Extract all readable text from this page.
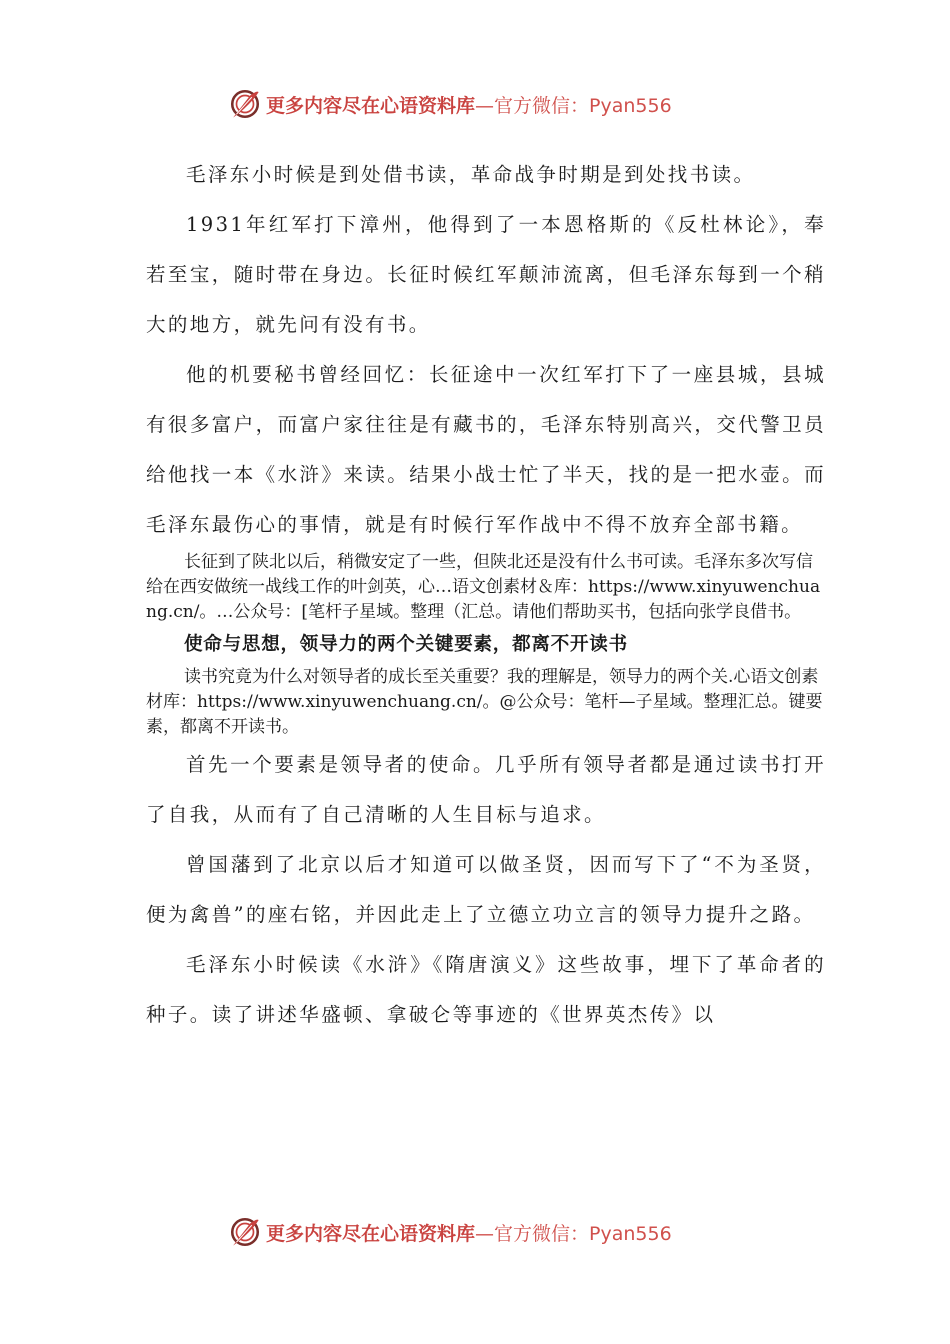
更多内容尽在心语资料库 —官方微信：Pyan556

毛泽东小时候是到处借书读，革命战争时期是到处找书读。

1931年红军打下漳州，他得到了一本恩格斯的《反杜林论》，奉若至宝，随时带在身边。长征时候红军颠沛流离，但毛泽东每到一个稍大的地方，就先问有没有书。

他的机要秘书曾经回忆：长征途中一次红军打下了一座县城，县城有很多富户，而富户家往往是有藏书的，毛泽东特别高兴，交代警卫员给他找一本《水浒》来读。结果小战士忙了半天，找的是一把水壶。而毛泽东最伤心的事情，就是有时候行军作战中不得不放弃全部书籍。

长征到了陕北以后，稍微安定了一些，但陕北还是没有什么书可读。毛泽东多次写信给在西安做统一战线工作的叶剑英，心…语文创素材＆库：https://www.xinyuwenchuang.cn/。…公众号：[笔杆子星域。整理（汇总。请他们帮助买书，包括向张学良借书。

使命与思想，领导力的两个关键要素，都离不开读书

读书究竟为什么对领导者的成长至关重要？我的理解是，领导力的两个关.心语文创素材库：https://www.xinyuwenchuang.cn/。@公众号：笔杆—子星域。整理汇总。键要素，都离不开读书。

首先一个要素是领导者的使命。几乎所有领导者都是通过读书打开了自我，从而有了自己清晰的人生目标与追求。

曾国藩到了北京以后才知道可以做圣贤，因而写下了“不为圣贤，便为禽兽”的座右铭，并因此走上了立德立功立言的领导力提升之路。

毛泽东小时候读《水浒》《隋唐演义》这些故事，埋下了革命者的种子。读了讲述华盛顿、拿破仑等事迹的《世界英杰传》以

更多内容尽在心语资料库 —官方微信：Pyan556
